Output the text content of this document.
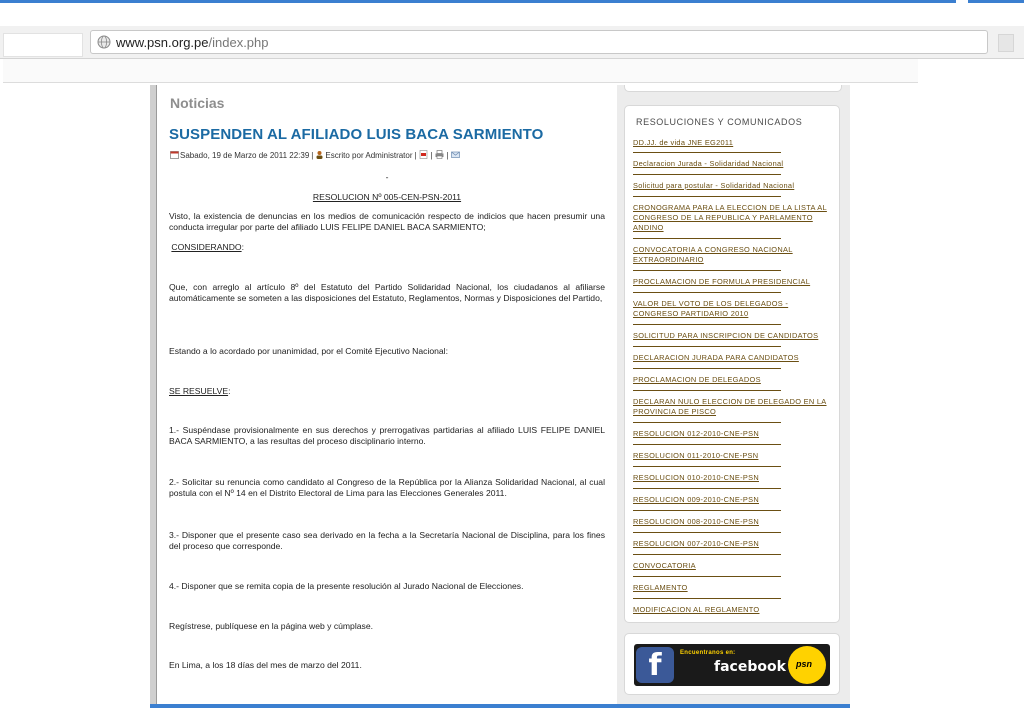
www.psn.org.pe/index.php
Noticias
SUSPENDEN AL AFILIADO LUIS BACA SARMIENTO
Sabado, 19 de Marzo de 2011 22:39 | Escrito por Administrator | | |
-
RESOLUCION Nº 005-CEN-PSN-2011
Visto, la existencia de denuncias en los medios de comunicación respecto de indicios que hacen presumir una conducta irregular por parte del afiliado LUIS FELIPE DANIEL BACA SARMIENTO;
CONSIDERANDO:
Que, con arreglo al artículo 8º del Estatuto del Partido Solidaridad Nacional, los ciudadanos al afiliarse automáticamente se someten a las disposiciones del Estatuto, Reglamentos, Normas y Disposiciones del Partido,
Estando a lo acordado por unanimidad, por el Comité Ejecutivo Nacional:
SE RESUELVE:
1.- Suspéndase provisionalmente en sus derechos y prerrogativas partidarias al afiliado LUIS FELIPE DANIEL BACA SARMIENTO, a las resultas del proceso disciplinario interno.
2.- Solicitar su renuncia como candidato al Congreso de la República por la Alianza Solidaridad Nacional, al cual postula con el Nº 14 en el Distrito Electoral de Lima para las Elecciones Generales 2011.
3.- Disponer que el presente caso sea derivado en la fecha a la Secretaría Nacional de Disciplina, para los fines del proceso que corresponde.
4.- Disponer que se remita copia de la presente resolución al Jurado Nacional de Elecciones.
Regístrese, publíquese en la página web y cúmplase.
En Lima, a los 18 días del mes de marzo del 2011.
RESOLUCIONES Y COMUNICADOS
DD.JJ. de vida JNE EG2011
Declaracion Jurada - Solidaridad Nacional
Solicitud para postular - Solidaridad Nacional
CRONOGRAMA PARA LA ELECCION DE LA LISTA AL CONGRESO DE LA REPUBLICA Y PARLAMENTO ANDINO
CONVOCATORIA A CONGRESO NACIONAL EXTRAORDINARIO
PROCLAMACION DE FORMULA PRESIDENCIAL
VALOR DEL VOTO DE LOS DELEGADOS - CONGRESO PARTIDARIO 2010
SOLICITUD PARA INSCRIPCION DE CANDIDATOS
DECLARACION JURADA PARA CANDIDATOS
PROCLAMACION DE DELEGADOS
DECLARAN NULO ELECCION DE DELEGADO EN LA PROVINCIA DE PISCO
RESOLUCION 012-2010-CNE-PSN
RESOLUCION 011-2010-CNE-PSN
RESOLUCION 010-2010-CNE-PSN
RESOLUCION 009-2010-CNE-PSN
RESOLUCION 008-2010-CNE-PSN
RESOLUCION 007-2010-CNE-PSN
CONVOCATORIA
REGLAMENTO
MODIFICACION AL REGLAMENTO
f	Encuentranos en:
facebook psn
